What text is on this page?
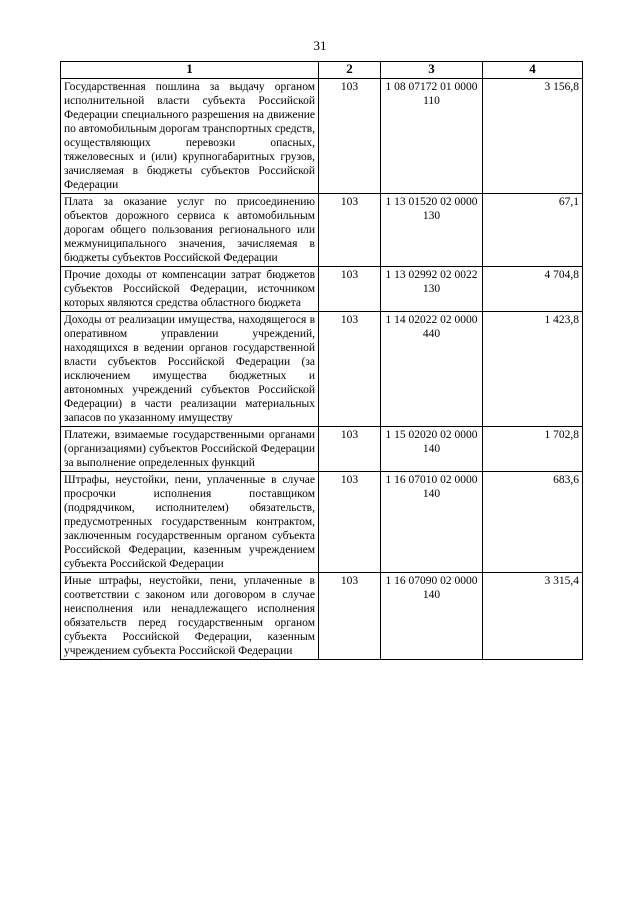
31
1	2	3	4
Государственная пошлина за выдачу органом исполнительной власти субъекта Российской Федерации специального разрешения на движение по автомобильным дорогам транспортных средств, осуществляющих перевозки опасных, тяжеловесных и (или) крупногабаритных грузов, зачисляемая в бюджеты субъектов Российской Федерации	103	1 08 07172 01 0000 110	3 156,8
Плата за оказание услуг по присоединению объектов дорожного сервиса к автомобильным дорогам общего пользования регионального или межмуниципального значения, зачисляемая в бюджеты субъектов Российской Федерации	103	1 13 01520 02 0000 130	67,1
Прочие доходы от компенсации затрат бюджетов субъектов Российской Федерации, источником которых являются средства областного бюджета	103	1 13 02992 02 0022 130	4 704,8
Доходы от реализации имущества, находящегося в оперативном управлении учреждений, находящихся в ведении органов государственной власти субъектов Российской Федерации (за исключением имущества бюджетных и автономных учреждений субъектов Российской Федерации) в части реализации материальных запасов по указанному имуществу	103	1 14 02022 02 0000 440	1 423,8
Платежи, взимаемые государственными органами (организациями) субъектов Российской Федерации за выполнение определенных функций	103	1 15 02020 02 0000 140	1 702,8
Штрафы, неустойки, пени, уплаченные в случае просрочки исполнения поставщиком (подрядчиком, исполнителем) обязательств, предусмотренных государственным контрактом, заключенным государственным органом субъекта Российской Федерации, казенным учреждением субъекта Российской Федерации	103	1 16 07010 02 0000 140	683,6
Иные штрафы, неустойки, пени, уплаченные в соответствии с законом или договором в случае неисполнения или ненадлежащего исполнения обязательств перед государственным органом субъекта Российской Федерации, казенным учреждением субъекта Российской Федерации	103	1 16 07090 02 0000 140	3 315,4
